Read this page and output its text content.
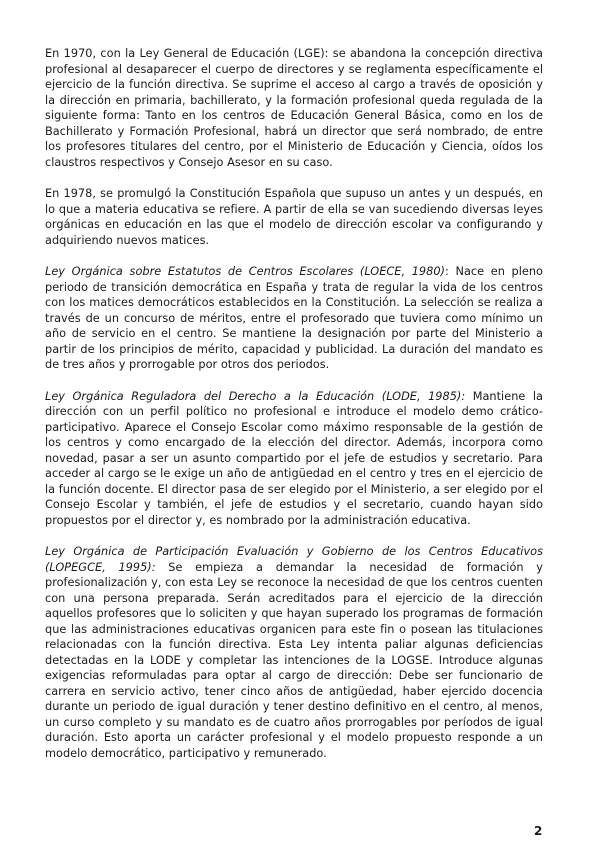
En 1970, con la Ley General de Educación (LGE): se abandona la concepción directiva profesional al desaparecer el cuerpo de directores y se reglamenta específicamente el ejercicio de la función directiva. Se suprime el acceso al cargo a través de oposición y la dirección en primaria, bachillerato, y la formación profesional queda regulada de la siguiente forma: Tanto en los centros de Educación General Básica, como en los de Bachillerato y Formación Profesional, habrá un director que será nombrado, de entre los profesores titulares del centro, por el Ministerio de Educación y Ciencia, oídos los claustros respectivos y Consejo Asesor en su caso.

En 1978, se promulgó la Constitución Española que supuso un antes y un después, en lo que a materia educativa se refiere. A partir de ella se van sucediendo diversas leyes orgánicas en educación en las que el modelo de dirección escolar va configurando y adquiriendo nuevos matices.

Ley Orgánica sobre Estatutos de Centros Escolares (LOECE, 1980): Nace en pleno periodo de transición democrática en España y trata de regular la vida de los centros con los matices democráticos establecidos en la Constitución. La selección se realiza a través de un concurso de méritos, entre el profesorado que tuviera como mínimo un año de servicio en el centro. Se mantiene la designación por parte del Ministerio a partir de los principios de mérito, capacidad y publicidad. La duración del mandato es de tres años y prorrogable por otros dos periodos.

Ley Orgánica Reguladora del Derecho a la Educación (LODE, 1985): Mantiene la dirección con un perfil político no profesional e introduce el modelo demo crático-participativo. Aparece el Consejo Escolar como máximo responsable de la gestión de los centros y como encargado de la elección del director. Además, incorpora como novedad, pasar a ser un asunto compartido por el jefe de estudios y secretario. Para acceder al cargo se le exige un año de antigüedad en el centro y tres en el ejercicio de la función docente. El director pasa de ser elegido por el Ministerio, a ser elegido por el Consejo Escolar y también, el jefe de estudios y el secretario, cuando hayan sido propuestos por el director y, es nombrado por la administración educativa.

Ley Orgánica de Participación Evaluación y Gobierno de los Centros Educativos (LOPEGCE, 1995): Se empieza a demandar la necesidad de formación y profesionalización y, con esta Ley se reconoce la necesidad de que los centros cuenten con una persona preparada. Serán acreditados para el ejercicio de la dirección aquellos profesores que lo soliciten y que hayan superado los programas de formación que las administraciones educativas organicen para este fin o posean las titulaciones relacionadas con la función directiva. Esta Ley intenta paliar algunas deficiencias detectadas en la LODE y completar las intenciones de la LOGSE. Introduce algunas exigencias reformuladas para optar al cargo de dirección: Debe ser funcionario de carrera en servicio activo, tener cinco años de antigüedad, haber ejercido docencia durante un periodo de igual duración y tener destino definitivo en el centro, al menos, un curso completo y su mandato es de cuatro años prorrogables por períodos de igual duración. Esto aporta un carácter profesional y el modelo propuesto responde a un modelo democrático, participativo y remunerado.

2
